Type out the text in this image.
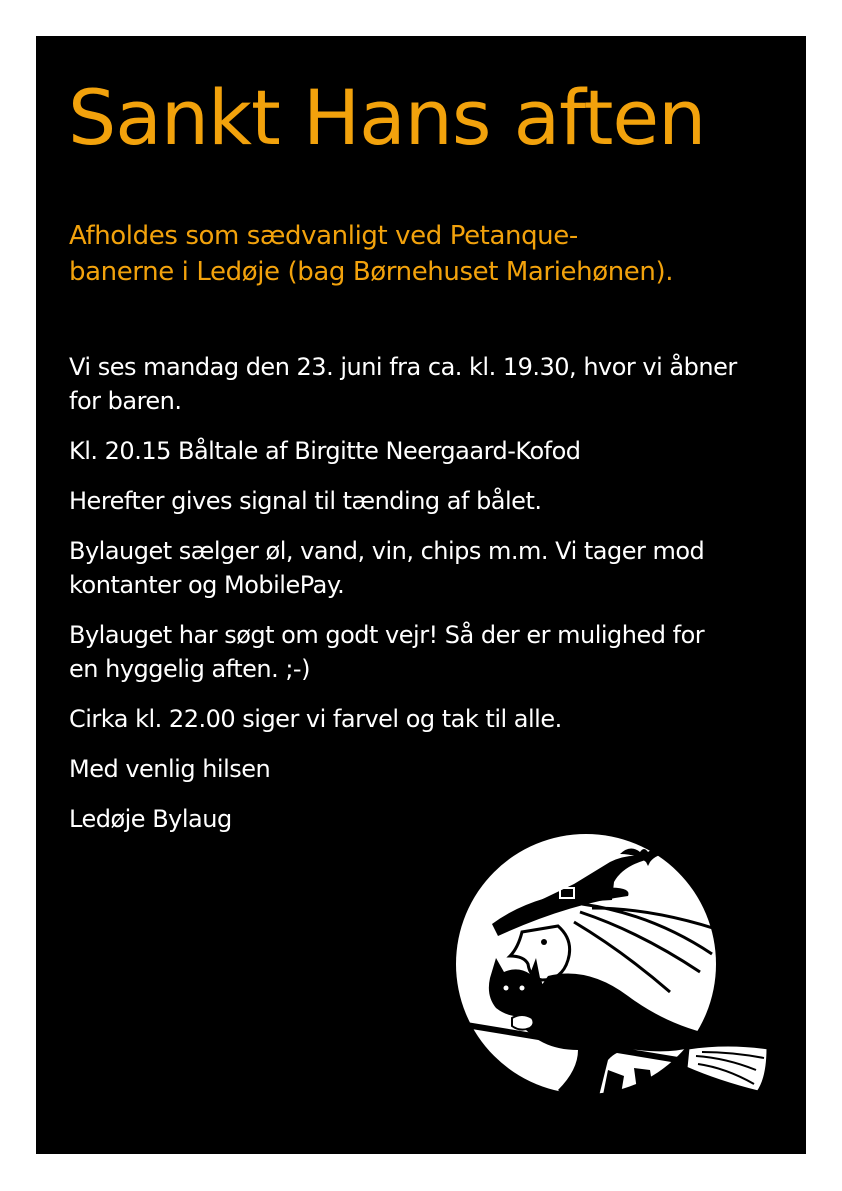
Sankt Hans aften
Afholdes som sædvanligt ved Petanque-
banerne i Ledøje (bag Børnehuset Mariehønen).

Vi ses mandag den 23. juni fra ca. kl. 19.30, hvor vi åbner
for baren.

Kl. 20.15 Båltale af Birgitte Neergaard-Kofod

Herefter gives signal til tænding af bålet.

Bylauget sælger øl, vand, vin, chips m.m. Vi tager mod
kontanter og MobilePay.

Bylauget har søgt om godt vejr! Så der er mulighed for
en hyggelig aften. ;-)

Cirka kl. 22.00 siger vi farvel og tak til alle.

Med venlig hilsen

Ledøje Bylaug
